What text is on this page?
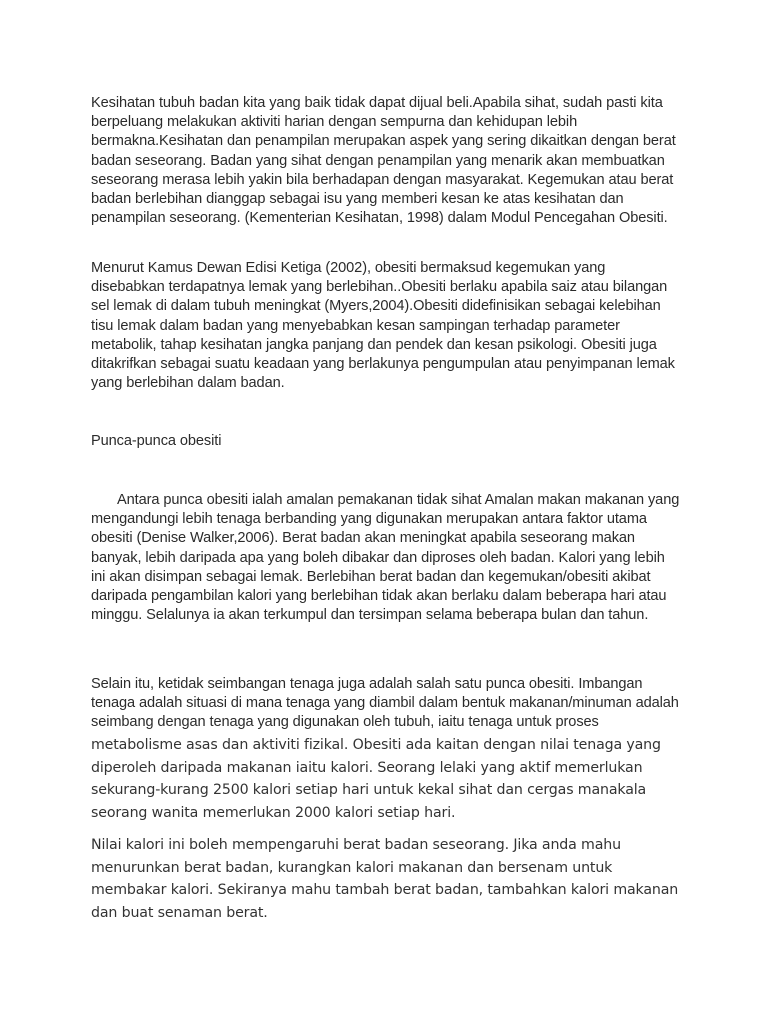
Kesihatan tubuh badan kita yang baik tidak dapat dijual beli.Apabila sihat, sudah pasti kita berpeluang melakukan aktiviti harian dengan sempurna dan kehidupan lebih bermakna.Kesihatan dan penampilan merupakan aspek yang sering dikaitkan dengan berat badan seseorang. Badan yang sihat dengan penampilan yang menarik akan membuatkan seseorang merasa lebih yakin bila berhadapan dengan masyarakat. Kegemukan atau berat badan berlebihan dianggap sebagai isu yang memberi kesan ke atas kesihatan dan penampilan seseorang. (Kementerian Kesihatan, 1998) dalam Modul Pencegahan Obesiti.

Menurut Kamus Dewan Edisi Ketiga (2002), obesiti bermaksud kegemukan yang disebabkan terdapatnya lemak yang berlebihan..Obesiti berlaku apabila saiz atau bilangan sel lemak di dalam tubuh meningkat (Myers,2004).Obesiti didefinisikan sebagai kelebihan tisu lemak dalam badan yang menyebabkan kesan sampingan terhadap parameter metabolik, tahap kesihatan jangka panjang dan pendek dan kesan psikologi. Obesiti juga ditakrifkan sebagai suatu keadaan yang berlakunya pengumpulan atau penyimpanan lemak yang berlebihan dalam badan.

Punca-punca obesiti

Antara punca obesiti ialah amalan pemakanan tidak sihat Amalan makan makanan yang mengandungi lebih tenaga berbanding yang digunakan merupakan antara faktor utama obesiti (Denise Walker,2006). Berat badan akan meningkat apabila seseorang makan banyak, lebih daripada apa yang boleh dibakar dan diproses oleh badan. Kalori yang lebih ini akan disimpan sebagai lemak. Berlebihan berat badan dan kegemukan/obesiti akibat daripada pengambilan kalori yang berlebihan tidak akan berlaku dalam beberapa hari atau minggu. Selalunya ia akan terkumpul dan tersimpan selama beberapa bulan dan tahun.

Selain itu, ketidak seimbangan tenaga juga adalah salah satu punca obesiti. Imbangan tenaga adalah situasi di mana tenaga yang diambil dalam bentuk makanan/minuman adalah seimbang dengan tenaga yang digunakan oleh tubuh, iaitu tenaga untuk proses

metabolisme asas dan aktiviti fizikal. Obesiti ada kaitan dengan nilai tenaga yang diperoleh daripada makanan iaitu kalori. Seorang lelaki yang aktif memerlukan sekurang-kurang 2500 kalori setiap hari untuk kekal sihat dan cergas manakala seorang wanita memerlukan 2000 kalori setiap hari.

Nilai kalori ini boleh mempengaruhi berat badan seseorang. Jika anda mahu menurunkan berat badan, kurangkan kalori makanan dan bersenam untuk membakar kalori. Sekiranya mahu tambah berat badan, tambahkan kalori makanan dan buat senaman berat.
